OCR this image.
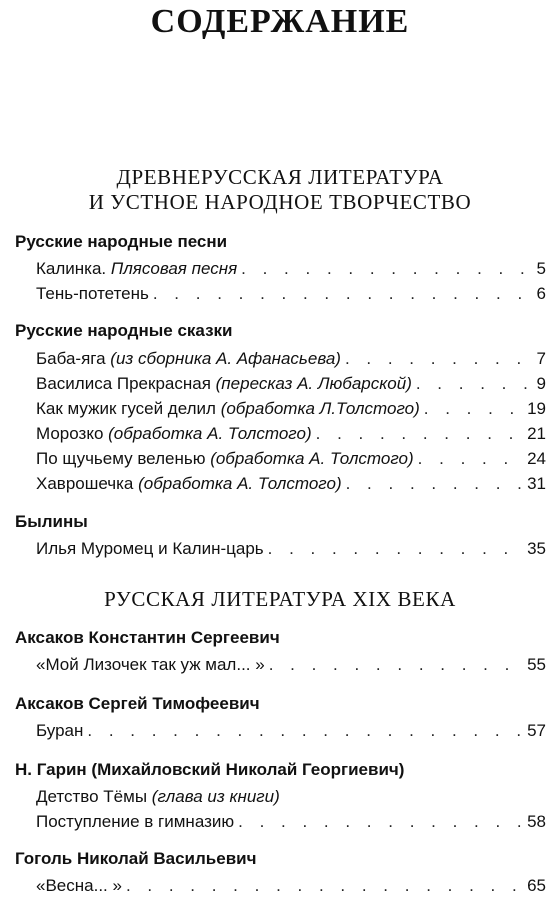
СОДЕРЖАНИЕ
ДРЕВНЕРУССКАЯ ЛИТЕРАТУРА
И УСТНОЕ НАРОДНОЕ ТВОРЧЕСТВО
Русские народные песни
Калинка. Плясовая песня . . .	5
Тень-потетень . . .	6
Русские народные сказки
Баба-яга (из сборника А. Афанасьева) . . .	7
Василиса Прекрасная (пересказ А. Любарской) . . .	9
Как мужик гусей делил (обработка Л.Толстого) . . .	19
Морозко (обработка А. Толстого) . . .	21
По щучьему веленью (обработка А. Толстого) . . .	24
Хаврошечка (обработка А. Толстого) . . .	31
Былины
Илья Муромец и Калин-царь . . .	35
РУССКАЯ ЛИТЕРАТУРА XIX ВЕКА
Аксаков Константин Сергеевич
«Мой Лизочек так уж мал... » . . .	55
Аксаков Сергей Тимофеевич
Буран . . .	57
Н. Гарин (Михайловский Николай Георгиевич)
Детство Тёмы (глава из книги)
Поступление в гимназию . . .	58
Гоголь Николай Васильевич
«Весна... » . . .	65
